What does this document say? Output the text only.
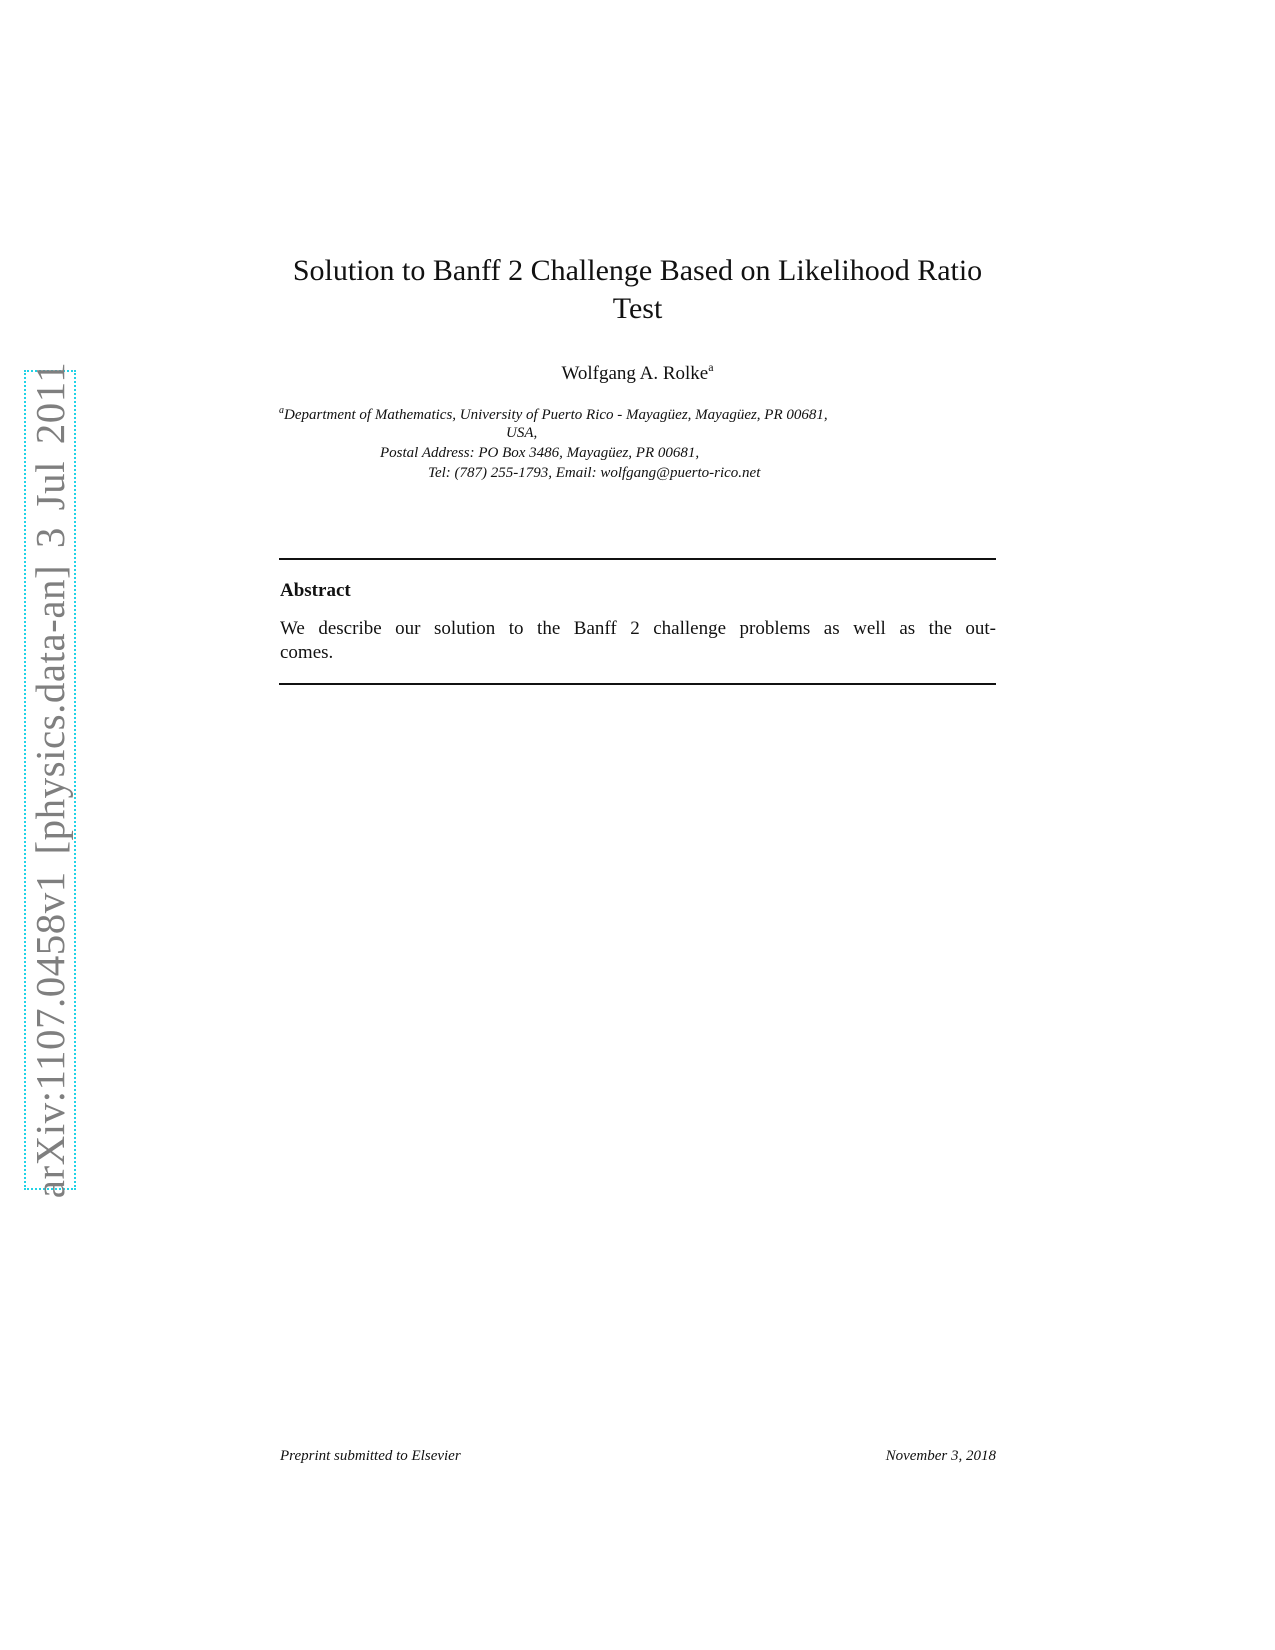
arXiv:1107.0458v1 [physics.data-an] 3 Jul 2011
Solution to Banff 2 Challenge Based on Likelihood Ratio Test
Wolfgang A. Rolke$^a$
$^a$Department of Mathematics, University of Puerto Rico - Mayagüez, Mayagüez, PR 00681,
USA,
Postal Address: PO Box 3486, Mayagüez, PR 00681,
Tel: (787) 255-1793, Email: wolfgang@puerto-rico.net
Abstract
We describe our solution to the Banff 2 challenge problems as well as the out-
comes.
Preprint submitted to Elsevier	November 3, 2018
